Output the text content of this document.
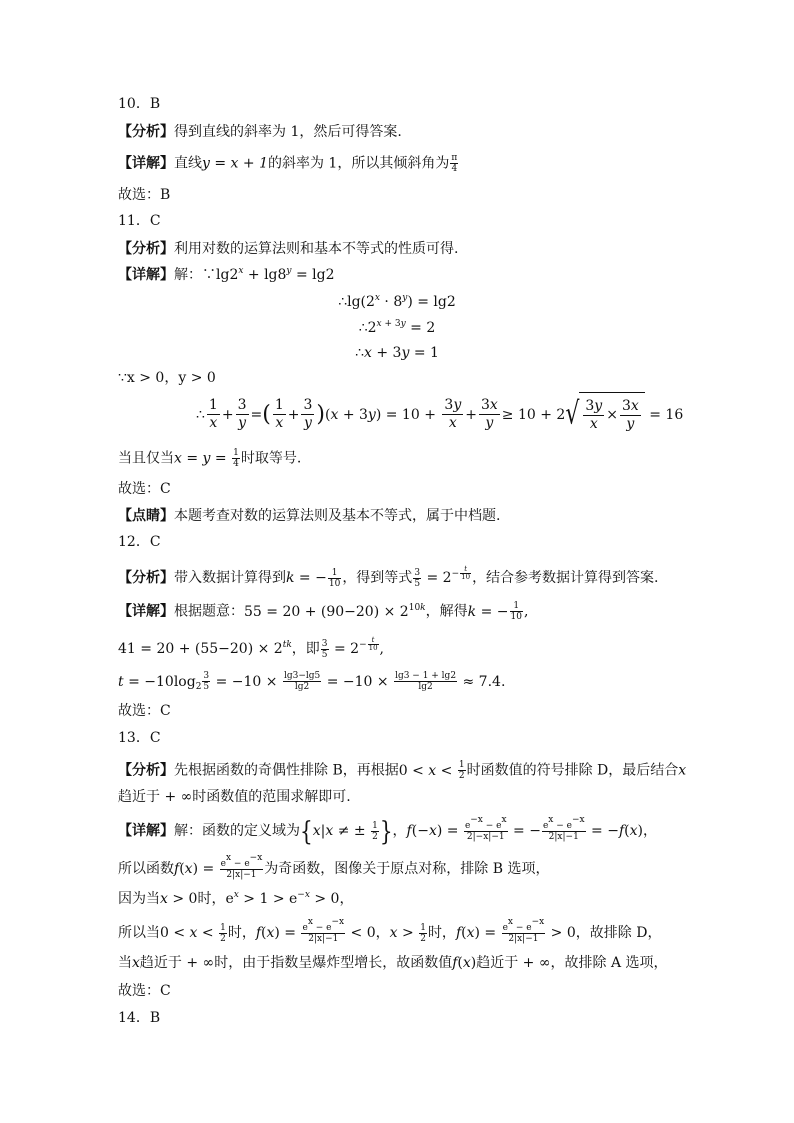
10．B
【分析】得到直线的斜率为 1，然后可得答案.
【详解】直线y = x + 1的斜率为 1，所以其倾斜角为 $\frac{\pi}{4}$
故选：B
11．C
【分析】利用对数的运算法则和基本不等式的性质可得.
【详解】解：$\because\lg 2^x + \lg 8^y = \lg 2$
$\therefore\lg(2^x \cdot 8^y) = \lg 2$
$\therefore 2^{x + 3y} = 2$
∴x + 3y = 1
∵x > 0，y > 0
∴ $\frac{1}{x} + \frac{3}{y}$ =( $\frac{1}{x} + \frac{3}{y} )(x + 3y) = 10 + \frac{3y}{x} + \frac{3x}{y} \ge 10 + 2√ \frac{3y}{x} \times \frac{3x}{y} = 16$
当且仅当$x = y = \frac{1}{4}$ 时取等号.
故选：C
【点睛】本题考查对数的运算法则及基本不等式，属于中档题.
12．C
【分析】带入数据计算得到k = − $\frac{1}{10}$ ，得到等式 $\frac{3}{5} = 2^{- \frac{t}{10}}$ ，结合参考数据计算得到答案.
【详解】根据题意：$55 = 20 + (90-20) \times 2^{10k}$，解得k = − $\frac{1}{10}$ ,
$41 = 20 + (55-20) \times 2^{tk}$，即 $\frac{3}{5} = 2^{- \frac{t}{10}}$ ,
$t = -10\log_2 \frac{3}{5} = -10 \times \frac{\lg 3-\lg 5}{\lg 2} = -10 \times \frac{\lg 3 - 1 + \lg 2}{\lg 2} \approx 7.4$.
故选：C
13．C
【分析】先根据函数的奇偶性排除 B，再根据$0 < x < \frac{1}{2}$ 时函数值的符号排除 D，最后结合x
趋近于 + ∞时函数值的范围求解即可.
【详解】解：函数的定义域为{x|x ≠ ± $\frac{1}{2}$ }，$f(-x) = \frac{e^{-x} - e^x}{2|-x|-1}$ = − $\frac{e^x - e^{-x}}{2|x|-1} = -f(x)$，
所以函数$f(x) = \frac{e^x - e^{-x}}{2|x|-1}$ 为奇函数，图像关于原点对称，排除 B 选项，
因为当x > 0时，$e^x > 1 > e^{-x} > 0$，
所以当$0 < x < \frac{1}{2}$ 时，$f(x) = \frac{e^x - e^{-x}}{2|x|-1} < 0$，$x > \frac{1}{2}$ 时，$f(x) = \frac{e^x - e^{-x}}{2|x|-1} > 0$，故排除 D，
当x趋近于 + ∞时，由于指数呈爆炸型增长，故函数值f(x)趋近于 + ∞，故排除 A 选项，
故选：C
14．B
